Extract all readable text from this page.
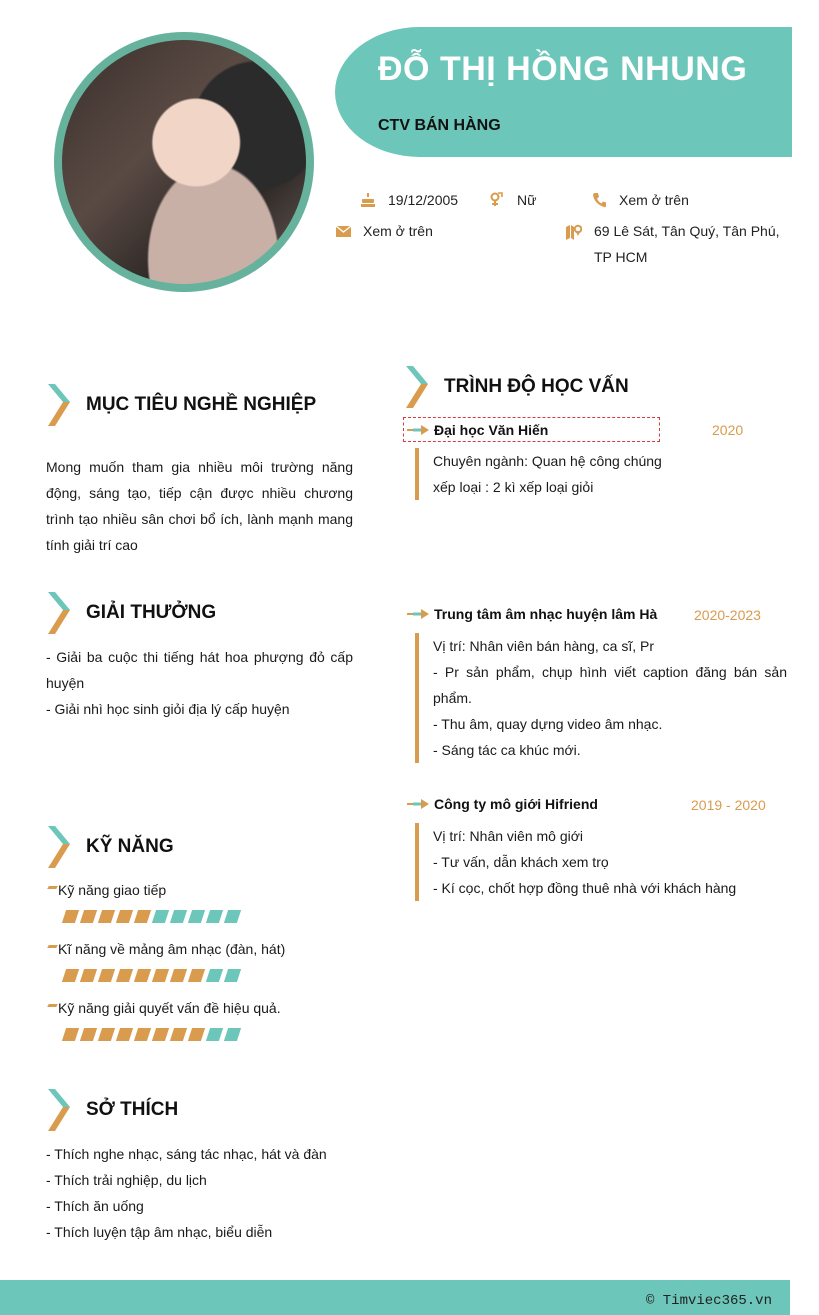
ĐỖ THỊ HỒNG NHUNG
CTV BÁN HÀNG
19/12/2005	Nữ	Xem ở trên
Xem ở trên	69 Lê Sát, Tân Quý, Tân Phú,
TP HCM
MỤC TIÊU NGHỀ NGHIỆP
Mong muốn tham gia nhiều môi trường năng động, sáng tạo, tiếp cận được nhiều chương trình tạo nhiều sân chơi bổ ích, lành mạnh mang tính giải trí cao
GIẢI THƯỞNG
- Giải ba cuộc thi tiếng hát hoa phượng đỏ cấp huyện
- Giải nhì học sinh giỏi địa lý cấp huyện
KỸ NĂNG
Kỹ năng giao tiếp
Kĩ năng về mảng âm nhạc (đàn, hát)
Kỹ năng giải quyết vấn đề hiệu quả.
SỞ THÍCH
- Thích nghe nhạc, sáng tác nhạc, hát và đàn
- Thích trải nghiệp, du lịch
- Thích ăn uống
- Thích luyện tập âm nhạc, biểu diễn
TRÌNH ĐỘ HỌC VẤN
Đại học Văn Hiến	2020
Chuyên ngành: Quan hệ công chúng
xếp loại : 2 kì xếp loại giỏi
Trung tâm âm nhạc huyện lâm Hà	2020-2023
Vị trí: Nhân viên bán hàng, ca sĩ, Pr
- Pr sản phẩm, chụp hình viết caption đăng bán sản phẩm.
- Thu âm, quay dựng video âm nhạc.
- Sáng tác ca khúc mới.
Công ty mô giới Hifriend	2019 - 2020
Vị trí: Nhân viên mô giới
- Tư vấn, dẫn khách xem trọ
- Kí cọc, chốt hợp đồng thuê nhà với khách hàng
© Timviec365.vn
